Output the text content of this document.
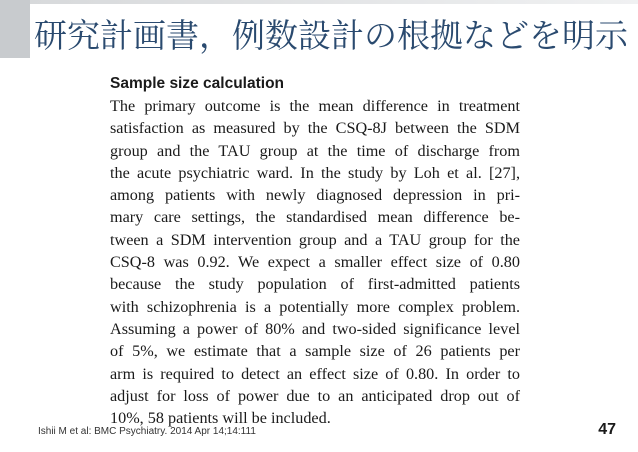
研究計画書，例数設計の根拠などを明示
Sample size calculation

The primary outcome is the mean difference in treatment
satisfaction as measured by the CSQ-8J between the SDM
group and the TAU group at the time of discharge from
the acute psychiatric ward. In the study by Loh et al. [27],
among patients with newly diagnosed depression in pri-
mary care settings, the standardised mean difference be-
tween a SDM intervention group and a TAU group for the
CSQ-8 was 0.92. We expect a smaller effect size of 0.80
because the study population of first-admitted patients
with schizophrenia is a potentially more complex problem.
Assuming a power of 80% and two-sided significance level
of 5%, we estimate that a sample size of 26 patients per
arm is required to detect an effect size of 0.80. In order to
adjust for loss of power due to an anticipated drop out of
10%, 58 patients will be included.

Ishii M et al: BMC Psychiatry. 2014 Apr 14;14:111	47
